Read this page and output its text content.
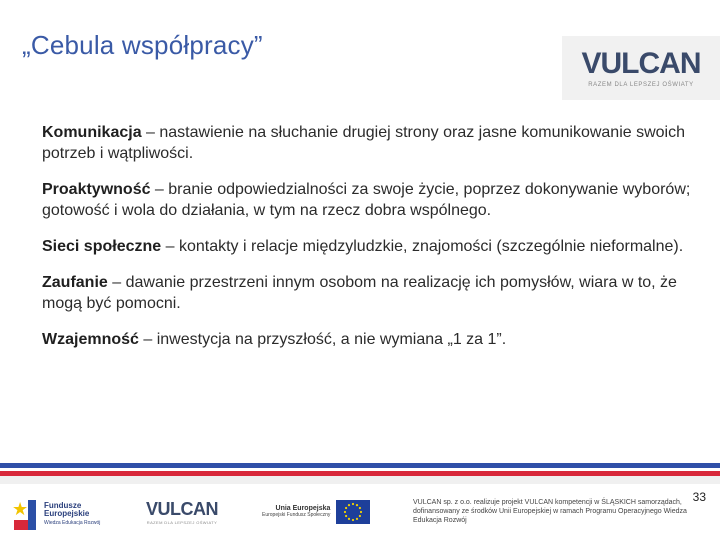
„Cebula współpracy”
VULCAN
RAZEM DLA LEPSZEJ OŚWIATY

Komunikacja – nastawienie na słuchanie drugiej strony oraz jasne komunikowanie swoich potrzeb i wątpliwości.

Proaktywność – branie odpowiedzialności za swoje życie, poprzez dokonywanie wyborów; gotowość i wola do działania, w tym na rzecz dobra wspólnego.

Sieci społeczne – kontakty i relacje międzyludzkie, znajomości (szczególnie nieformalne).

Zaufanie – dawanie przestrzeni innym osobom na realizację ich pomysłów, wiara w to, że mogą być pomocni.

Wzajemność – inwestycja na przyszłość, a nie wymiana „1 za 1”.

33
★ Fundusze
Europejskie
Wiedza Edukacja Rozwój
VULCAN
RAZEM DLA LEPSZEJ OŚWIATY
Unia Europejska
Europejski Fundusz Społeczny
VULCAN sp. z o.o. realizuje projekt VULCAN kompetencji w ŚLĄSKICH samorządach, dofinansowany ze środków Unii Europejskiej w ramach Programu Operacyjnego Wiedza Edukacja Rozwój
